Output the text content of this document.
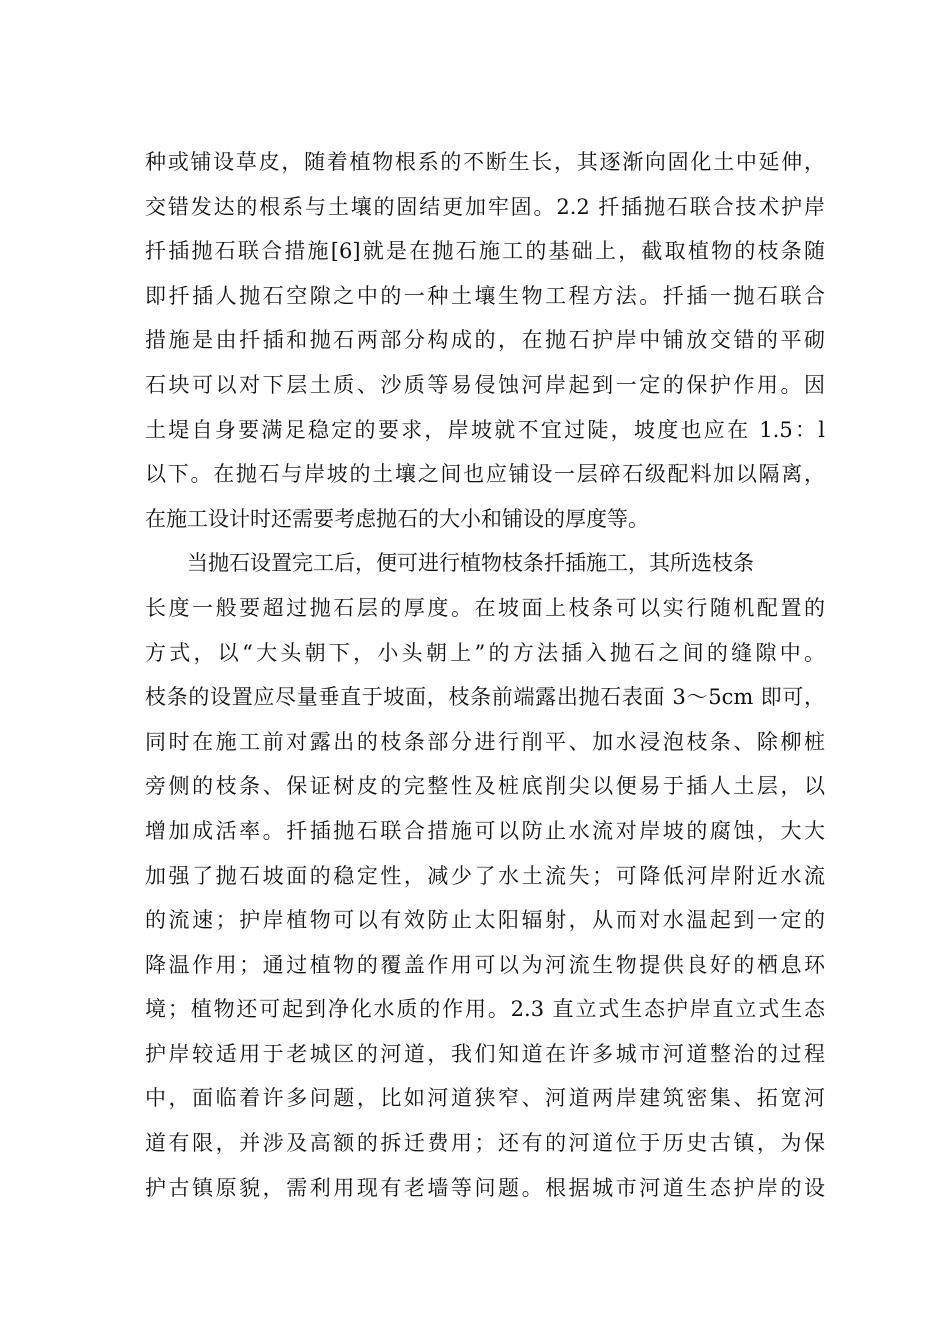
种或铺设草皮，随着植物根系的不断生长，其逐渐向固化土中延伸，
交错发达的根系与土壤的固结更加牢固。2.2 扦插抛石联合技术护岸
扦插抛石联合措施[6]就是在抛石施工的基础上，截取植物的枝条随
即扦插人抛石空隙之中的一种土壤生物工程方法。扦插一抛石联合
措施是由扦插和抛石两部分构成的，在抛石护岸中铺放交错的平砌
石块可以对下层土质、沙质等易侵蚀河岸起到一定的保护作用。因
土堤自身要满足稳定的要求，岸坡就不宜过陡，坡度也应在 1.5：l
以下。在抛石与岸坡的土壤之间也应铺设一层碎石级配料加以隔离，
在施工设计时还需要考虑抛石的大小和铺设的厚度等。
当抛石设置完工后，便可进行植物枝条扦插施工，其所选枝条
长度一般要超过抛石层的厚度。在坡面上枝条可以实行随机配置的
方式，以“大头朝下，小头朝上”的方法插入抛石之间的缝隙中。
枝条的设置应尽量垂直于坡面，枝条前端露出抛石表面 3～5cm 即可，
同时在施工前对露出的枝条部分进行削平、加水浸泡枝条、除柳桩
旁侧的枝条、保证树皮的完整性及桩底削尖以便易于插人土层，以
增加成活率。扦插抛石联合措施可以防止水流对岸坡的腐蚀，大大
加强了抛石坡面的稳定性，减少了水土流失；可降低河岸附近水流
的流速；护岸植物可以有效防止太阳辐射，从而对水温起到一定的
降温作用；通过植物的覆盖作用可以为河流生物提供良好的栖息环
境；植物还可起到净化水质的作用。2.3 直立式生态护岸直立式生态
护岸较适用于老城区的河道，我们知道在许多城市河道整治的过程
中，面临着许多问题，比如河道狭窄、河道两岸建筑密集、拓宽河
道有限，并涉及高额的拆迁费用；还有的河道位于历史古镇，为保
护古镇原貌，需利用现有老墙等问题。根据城市河道生态护岸的设
